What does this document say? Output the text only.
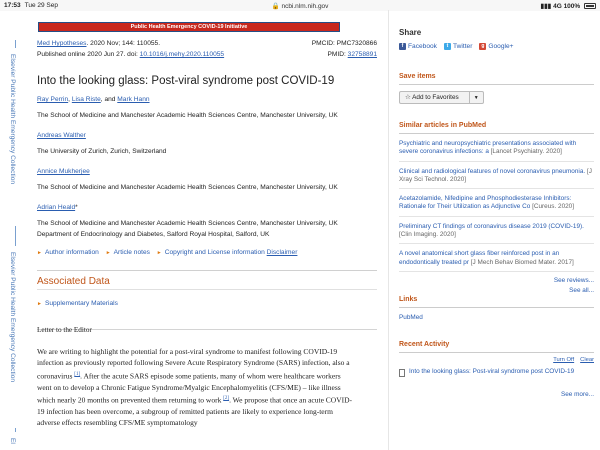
17:53 Tue 29 Sep	🔒 ncbi.nlm.nih.gov	▮▮▮ 4G 100%
Public Health Emergency COVID-19 Initiative
Elsevier Public Health Emergency Collection
Elsevier Public Health Emergency Collection
El
Med Hypotheses. 2020 Nov; 144: 110055.	PMCID: PMC7320866
Published online 2020 Jun 27. doi: 10.1016/j.mehy.2020.110055	PMID: 32758891
Into the looking glass: Post-viral syndrome post COVID-19
Ray Perrin, Lisa Riste, and Mark Hann
The School of Medicine and Manchester Academic Health Sciences Centre, Manchester University, UK
Andreas Walther
The University of Zurich, Zurich, Switzerland
Annice Mukherjee
The School of Medicine and Manchester Academic Health Sciences Centre, Manchester University, UK
Adrian Heald*
The School of Medicine and Manchester Academic Health Sciences Centre, Manchester University, UK
Department of Endocrinology and Diabetes, Salford Royal Hospital, Salford, UK
► Author information ► Article notes ► Copyright and License information Disclaimer
Associated Data
► Supplementary Materials
Letter to the Editor
We are writing to highlight the potential for a post-viral syndrome to manifest following COVID-19 infection as previously reported following Severe Acute Respiratory Syndrome (SARS) infection, also a coronavirus [1]. After the acute SARS episode some patients, many of whom were healthcare workers went on to develop a Chronic Fatigue Syndrome/Myalgic Encephalomyelitis (CFS/ME) – like illness which nearly 20 months on prevented them returning to work [2]. We propose that once an acute COVID-19 infection has been overcome, a subgroup of remitted patients are likely to experience long-term adverse effects resembling CFS/ME symptomatology
Share
f Facebook	t Twitter	g Google+
Save items
☆ Add to Favorites	▼
Similar articles in PubMed
Psychiatric and neuropsychiatric presentations associated with severe coronavirus infections: a [Lancet Psychiatry. 2020]
Clinical and radiological features of novel coronavirus pneumonia. [J Xray Sci Technol. 2020]
Acetazolamide, Nifedipine and Phosphodiesterase Inhibitors: Rationale for Their Utilization as Adjunctive Co [Cureus. 2020]
Preliminary CT findings of coronavirus disease 2019 (COVID-19). [Clin Imaging. 2020]
A novel anatomical short glass fiber reinforced post in an endodontically treated pr [J Mech Behav Biomed Mater. 2017]
See reviews...
See all...
Links
PubMed
Recent Activity
Turn Off Clear
Into the looking glass: Post-viral syndrome post COVID-19
See more...
